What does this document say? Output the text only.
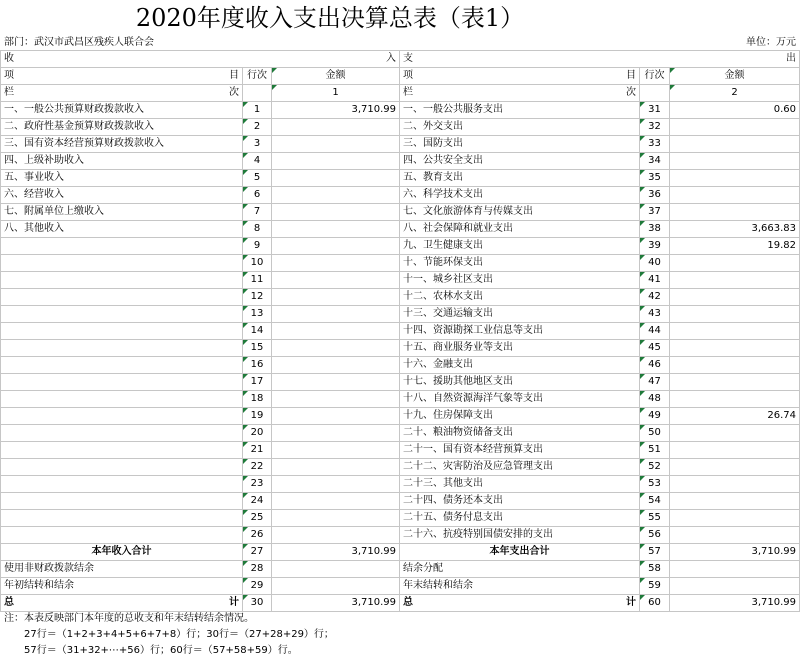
2020年度收入支出决算总表（表1）
部门：武汉市武昌区残疾人联合会	单位：万元
收 入			支 出		

项 目	行次	金额	项 目	行次	金额

栏 次		1	栏 次		2
一、一般公共预算财政拨款收入	1	3,710.99	一、一般公共服务支出	31	0.60
二、政府性基金预算财政拨款收入	2		二、外交支出	32	
三、国有资本经营预算财政拨款收入	3		三、国防支出	33	
四、上级补助收入	4		四、公共安全支出	34	
五、事业收入	5		五、教育支出	35	
六、经营收入	6		六、科学技术支出	36	
七、附属单位上缴收入	7		七、文化旅游体育与传媒支出	37	
八、其他收入	8		八、社会保障和就业支出	38	3,663.83
	9		九、卫生健康支出	39	19.82
	10		十、节能环保支出	40	
	11		十一、城乡社区支出	41	
	12		十二、农林水支出	42	
	13		十三、交通运输支出	43	
	14		十四、资源勘探工业信息等支出	44	
	15		十五、商业服务业等支出	45	
	16		十六、金融支出	46	
	17		十七、援助其他地区支出	47	
	18		十八、自然资源海洋气象等支出	48	
	19		十九、住房保障支出	49	26.74
	20		二十、粮油物资储备支出	50	
	21		二十一、国有资本经营预算支出	51	
	22		二十二、灾害防治及应急管理支出	52	
	23		二十三、其他支出	53	
	24		二十四、债务还本支出	54	
	25		二十五、债务付息支出	55	
	26		二十六、抗疫特别国债安排的支出	56	
本年收入合计	27	3,710.99	本年支出合计	57	3,710.99
使用非财政拨款结余	28		结余分配	58	
年初结转和结余	29		年末结转和结余	59	

总 计	30	3,710.99	总 计	60	3,710.99
注：本表反映部门本年度的总收支和年末结转结余情况。
27行＝（1+2+3+4+5+6+7+8）行；30行＝（27+28+29）行；
57行＝（31+32+⋯+56）行；60行＝（57+58+59）行。
